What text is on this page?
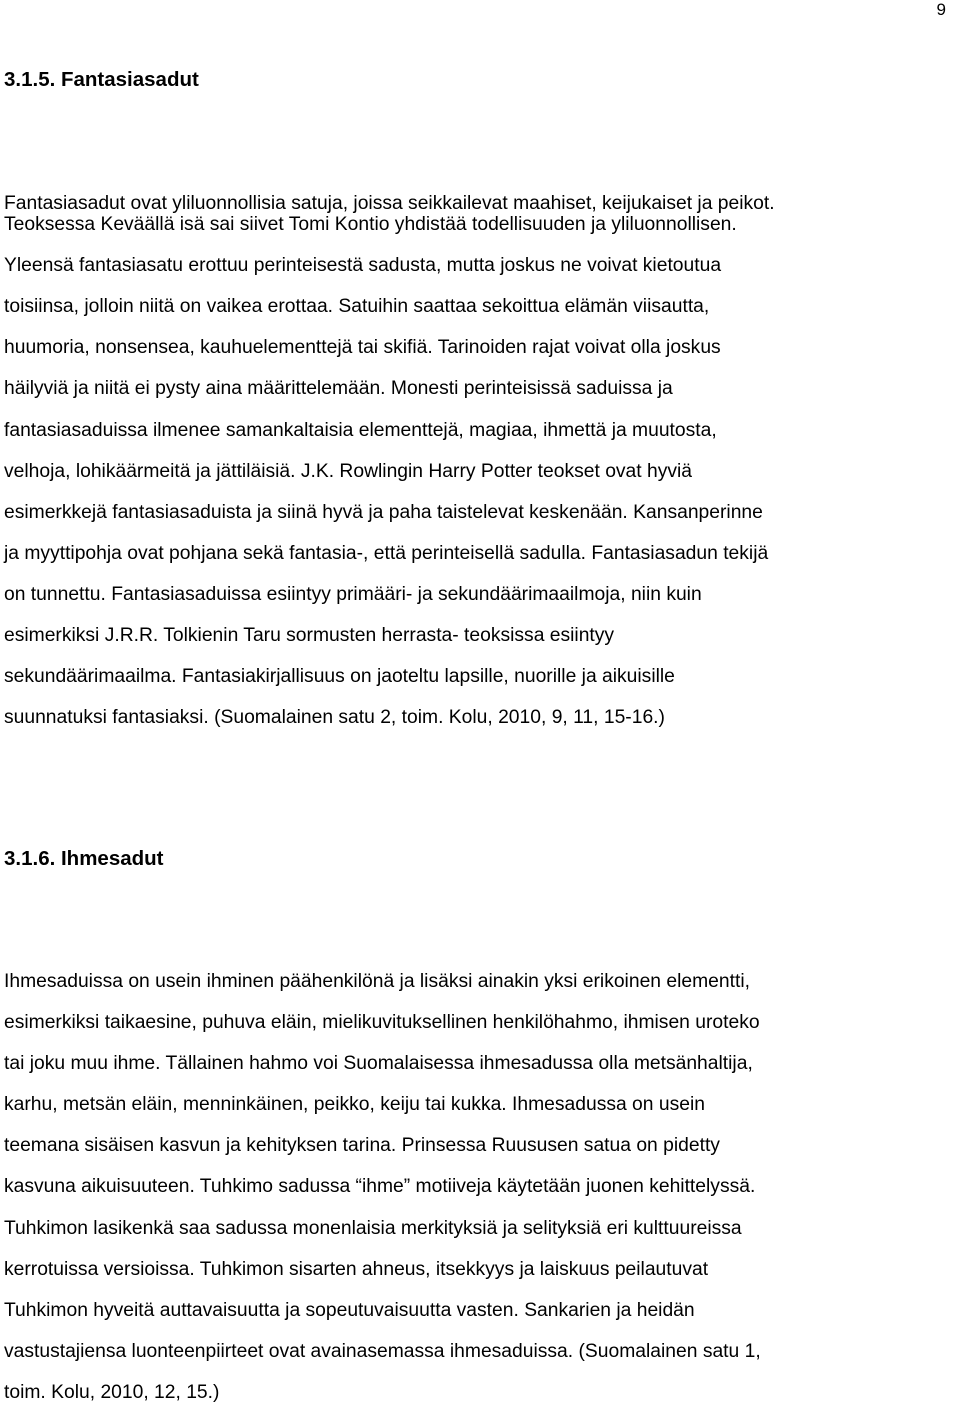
9
3.1.5. Fantasiasadut
Fantasiasadut ovat yliluonnollisia satuja, joissa seikkailevat maahiset, keijukaiset ja peikot.
Teoksessa Keväällä isä sai siivet Tomi Kontio yhdistää todellisuuden ja yliluonnollisen.
Yleensä fantasiasatu erottuu perinteisestä sadusta, mutta joskus ne voivat kietoutua
toisiinsa, jolloin niitä on vaikea erottaa. Satuihin saattaa sekoittua elämän viisautta,
huumoria, nonsensea, kauhuelementtejä tai skifiä. Tarinoiden rajat voivat olla joskus
häilyviä ja niitä ei pysty aina määrittelemään. Monesti perinteisissä saduissa ja
fantasiasaduissa ilmenee samankaltaisia elementtejä, magiaa, ihmettä ja muutosta,
velhoja, lohikäärmeitä ja jättiläisiä. J.K. Rowlingin Harry Potter teokset ovat hyviä
esimerkkejä fantasiasaduista ja siinä hyvä ja paha taistelevat keskenään. Kansanperinne
ja myyttipohja ovat pohjana sekä fantasia-, että perinteisellä sadulla. Fantasiasadun tekijä
on tunnettu. Fantasiasaduissa esiintyy primääri- ja sekundäärimaailmoja, niin kuin
esimerkiksi J.R.R. Tolkienin Taru sormusten herrasta- teoksissa esiintyy
sekundäärimaailma. Fantasiakirjallisuus on jaoteltu lapsille, nuorille ja aikuisille
suunnatuksi fantasiaksi. (Suomalainen satu 2, toim. Kolu, 2010, 9, 11, 15-16.)
3.1.6. Ihmesadut
Ihmesaduissa on usein ihminen päähenkilönä ja lisäksi ainakin yksi erikoinen elementti,
esimerkiksi taikaesine, puhuva eläin, mielikuvituksellinen henkilöhahmo, ihmisen uroteko
tai joku muu ihme. Tällainen hahmo voi Suomalaisessa ihmesadussa olla metsänhaltija,
karhu, metsän eläin, menninkäinen, peikko, keiju tai kukka. Ihmesadussa on usein
teemana sisäisen kasvun ja kehityksen tarina. Prinsessa Ruususen satua on pidetty
kasvuna aikuisuuteen. Tuhkimo sadussa “ihme” motiiveja käytetään juonen kehittelyssä.
Tuhkimon lasikenkä saa sadussa monenlaisia merkityksiä ja selityksiä eri kulttuureissa
kerrotuissa versioissa. Tuhkimon sisarten ahneus, itsekkyys ja laiskuus peilautuvat
Tuhkimon hyveitä auttavaisuutta ja sopeutuvaisuutta vasten. Sankarien ja heidän
vastustajiensa luonteenpiirteet ovat avainasemassa ihmesaduissa. (Suomalainen satu 1,
toim. Kolu, 2010, 12, 15.)
